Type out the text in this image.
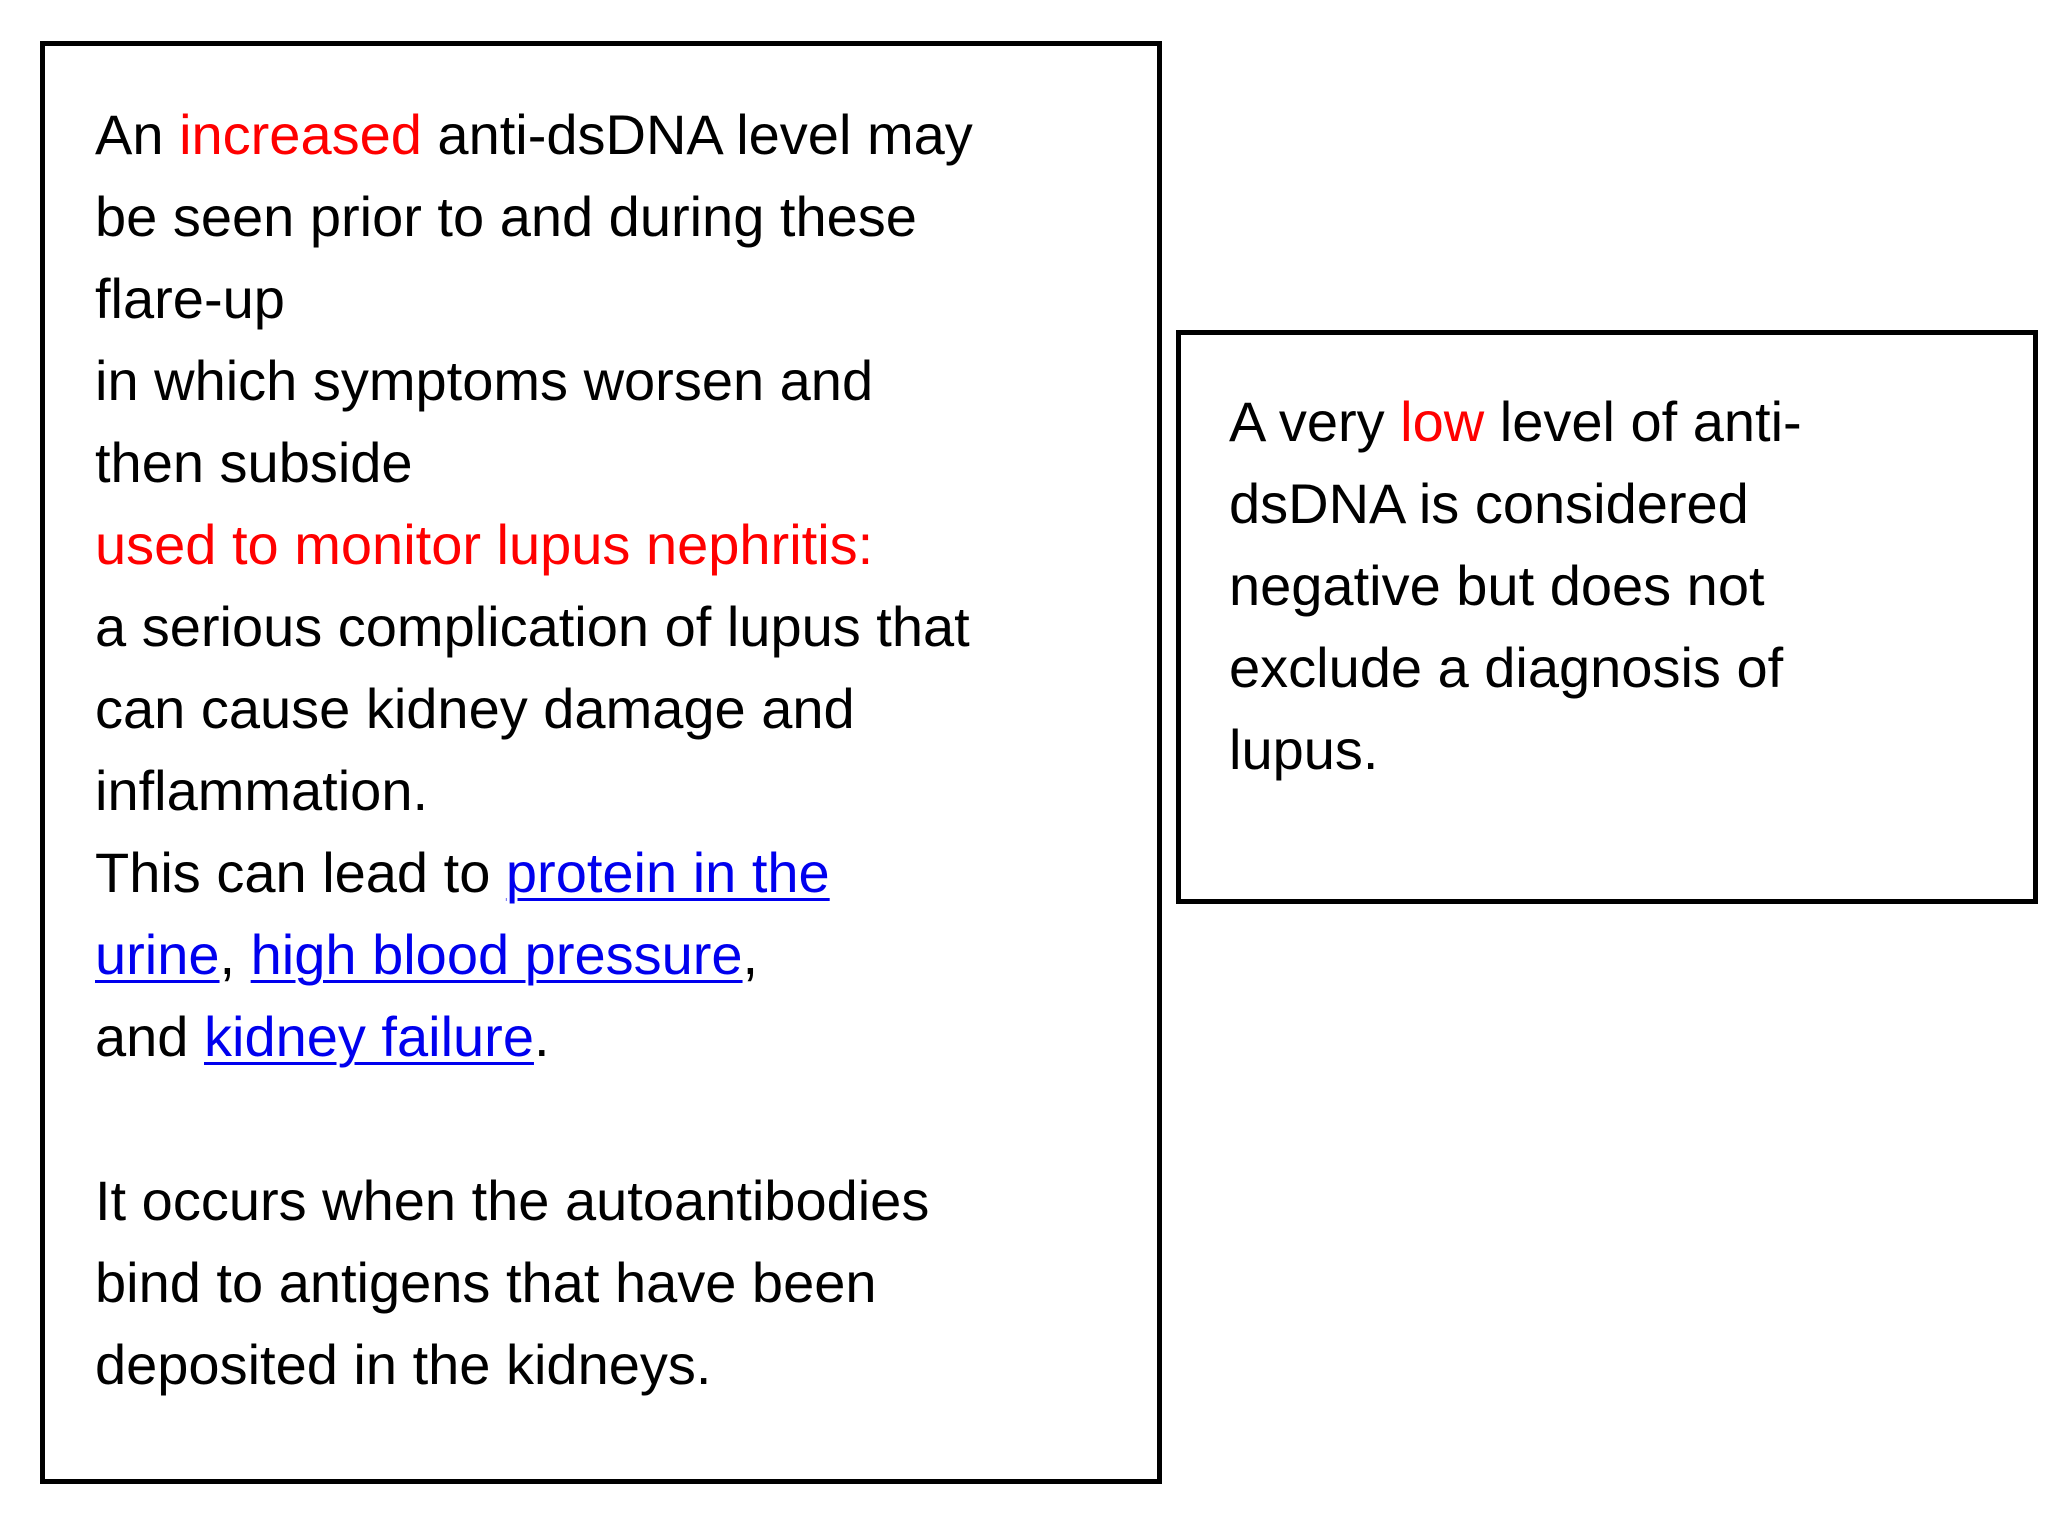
An increased anti-dsDNA level may
be seen prior to and during these
flare-up
in which symptoms worsen and
then subside
used to monitor lupus nephritis:
a serious complication of lupus that
can cause kidney damage and
inflammation.
This can lead to protein in the
urine, high blood pressure,
and kidney failure.
It occurs when the autoantibodies
bind to antigens that have been
deposited in the kidneys.

A very low level of anti-
dsDNA is considered
negative but does not
exclude a diagnosis of
lupus.
